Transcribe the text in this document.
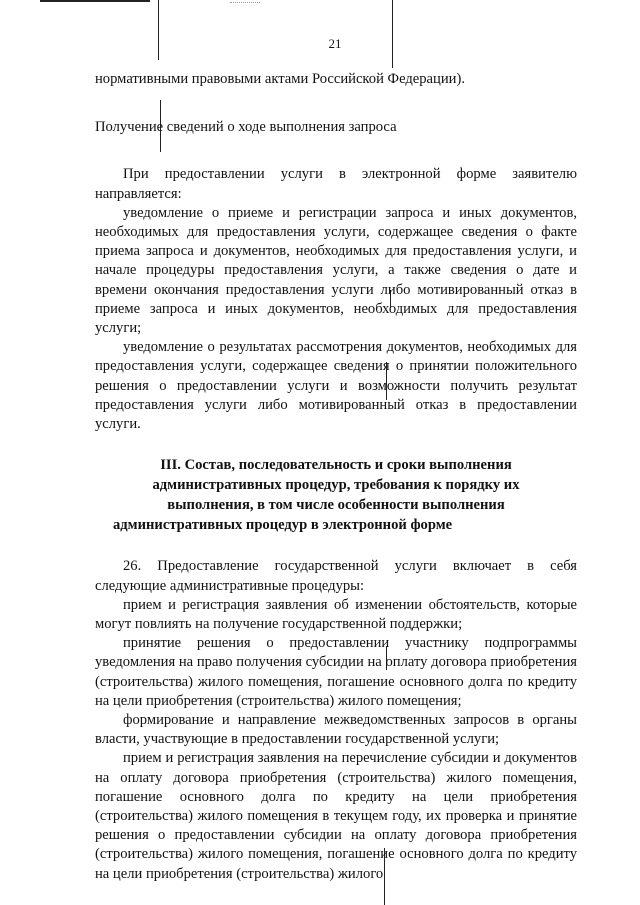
21

нормативными правовыми актами Российской Федерации).

Получение сведений о ходе выполнения запроса

При предоставлении услуги в электронной форме заявителю направляется:

уведомление о приеме и регистрации запроса и иных документов, необходимых для предоставления услуги, содержащее сведения о факте приема запроса и документов, необходимых для предоставления услуги, и начале процедуры предоставления услуги, а также сведения о дате и времени окончания предоставления услуги либо мотивированный отказ в приеме запроса и иных документов, необходимых для предоставления услуги;

уведомление о результатах рассмотрения документов, необходимых для предоставления услуги, содержащее сведения о принятии положительного решения о предоставлении услуги и возможности получить результат предоставления услуги либо мотивированный отказ в предоставлении услуги.

III. Состав, последовательность и сроки выполнения административных процедур, требования к порядку их выполнения, в том числе особенности выполнения административных процедур в электронной форме

26. Предоставление государственной услуги включает в себя следующие административные процедуры:

прием и регистрация заявления об изменении обстоятельств, которые могут повлиять на получение государственной поддержки;

принятие решения о предоставлении участнику подпрограммы уведомления на право получения субсидии на оплату договора приобретения (строительства) жилого помещения, погашение основного долга по кредиту на цели приобретения (строительства) жилого помещения;

формирование и направление межведомственных запросов в органы власти, участвующие в предоставлении государственной услуги;

прием и регистрация заявления на перечисление субсидии и документов на оплату договора приобретения (строительства) жилого помещения, погашение основного долга по кредиту на цели приобретения (строительства) жилого помещения в текущем году, их проверка и принятие решения о предоставлении субсидии на оплату договора приобретения (строительства) жилого помещения, погашение основного долга по кредиту на цели приобретения (строительства) жилого
